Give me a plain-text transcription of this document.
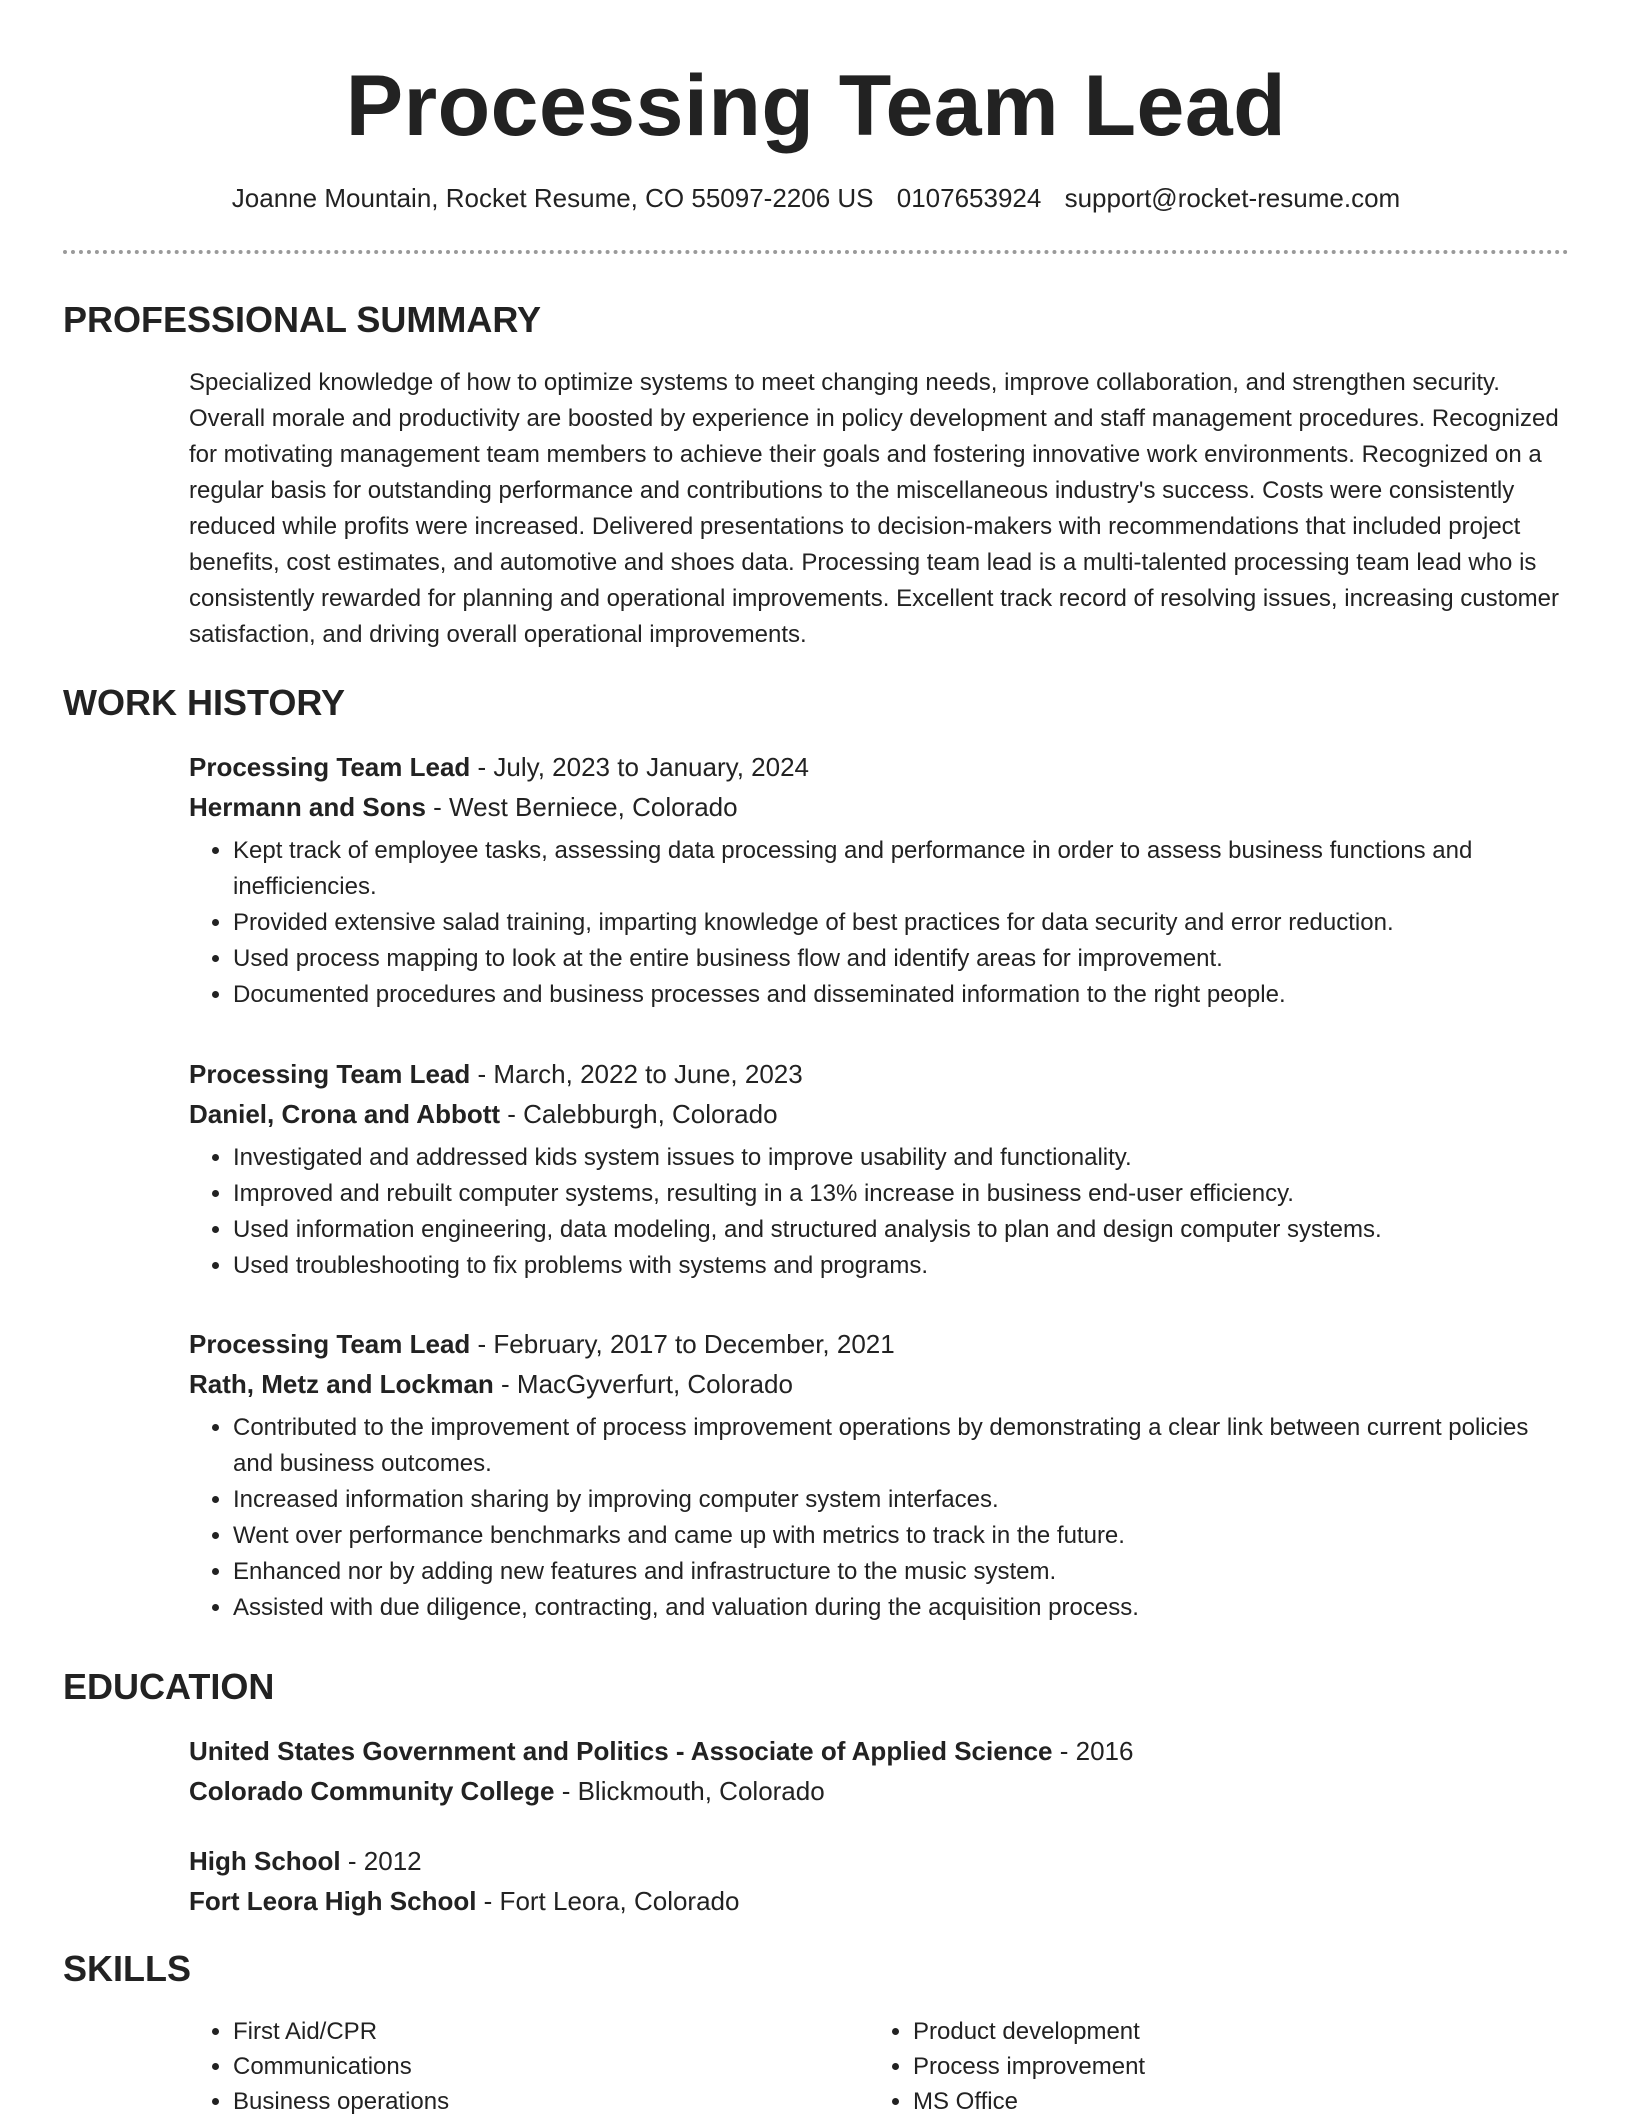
Processing Team Lead
Joanne Mountain, Rocket Resume, CO 55097-2206 US 0107653924 support@rocket-resume.com
PROFESSIONAL SUMMARY

Specialized knowledge of how to optimize systems to meet changing needs, improve collaboration, and strengthen security. Overall morale and productivity are boosted by experience in policy development and staff management procedures. Recognized for motivating management team members to achieve their goals and fostering innovative work environments. Recognized on a regular basis for outstanding performance and contributions to the miscellaneous industry's success. Costs were consistently reduced while profits were increased. Delivered presentations to decision-makers with recommendations that included project benefits, cost estimates, and automotive and shoes data. Processing team lead is a multi-talented processing team lead who is consistently rewarded for planning and operational improvements. Excellent track record of resolving issues, increasing customer satisfaction, and driving overall operational improvements.

WORK HISTORY

Processing Team Lead - July, 2023 to January, 2024

Hermann and Sons - West Berniece, Colorado

• Kept track of employee tasks, assessing data processing and performance in order to assess business functions and inefficiencies.
• Provided extensive salad training, imparting knowledge of best practices for data security and error reduction.
• Used process mapping to look at the entire business flow and identify areas for improvement.
• Documented procedures and business processes and disseminated information to the right people.

Processing Team Lead - March, 2022 to June, 2023

Daniel, Crona and Abbott - Calebburgh, Colorado

• Investigated and addressed kids system issues to improve usability and functionality.
• Improved and rebuilt computer systems, resulting in a 13% increase in business end-user efficiency.
• Used information engineering, data modeling, and structured analysis to plan and design computer systems.
• Used troubleshooting to fix problems with systems and programs.

Processing Team Lead - February, 2017 to December, 2021

Rath, Metz and Lockman - MacGyverfurt, Colorado

• Contributed to the improvement of process improvement operations by demonstrating a clear link between current policies and business outcomes.
• Increased information sharing by improving computer system interfaces.
• Went over performance benchmarks and came up with metrics to track in the future.
• Enhanced nor by adding new features and infrastructure to the music system.
• Assisted with due diligence, contracting, and valuation during the acquisition process.
EDUCATION

United States Government and Politics - Associate of Applied Science - 2016

Colorado Community College - Blickmouth, Colorado

High School - 2012

Fort Leora High School - Fort Leora, Colorado

SKILLS
• First Aid/CPR
• Communications
• Business operations
• Product development
• Process improvement
• MS Office
